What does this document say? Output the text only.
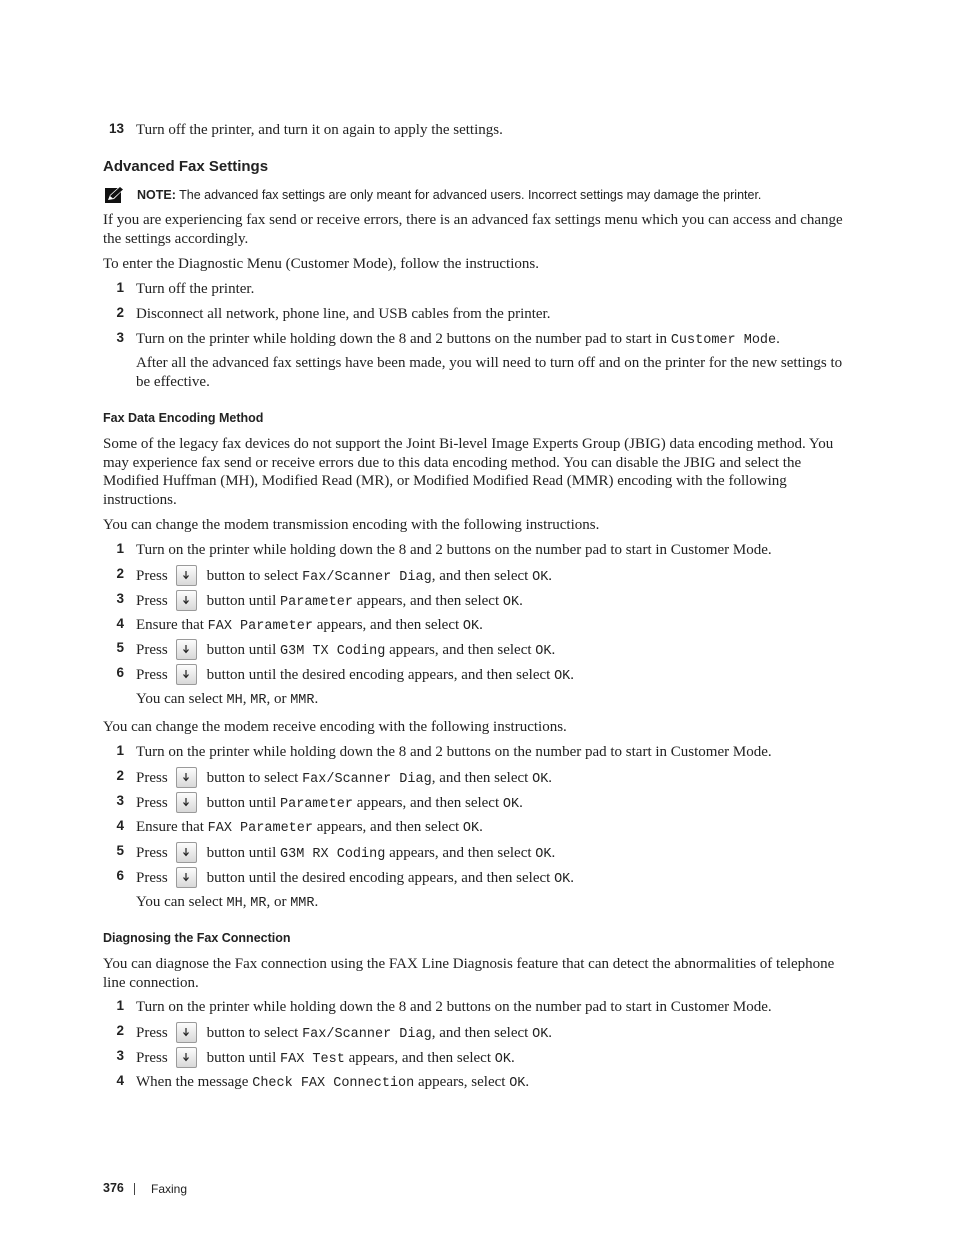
13 Turn off the printer, and turn it on again to apply the settings.
Advanced Fax Settings
NOTE: The advanced fax settings are only meant for advanced users. Incorrect settings may damage the printer.
If you are experiencing fax send or receive errors, there is an advanced fax settings menu which you can access and change the settings accordingly.
To enter the Diagnostic Menu (Customer Mode), follow the instructions.
1 Turn off the printer.
2 Disconnect all network, phone line, and USB cables from the printer.
3 Turn on the printer while holding down the 8 and 2 buttons on the number pad to start in Customer Mode.
After all the advanced fax settings have been made, you will need to turn off and on the printer for the new settings to be effective.
Fax Data Encoding Method
Some of the legacy fax devices do not support the Joint Bi-level Image Experts Group (JBIG) data encoding method. You may experience fax send or receive errors due to this data encoding method. You can disable the JBIG and select the Modified Huffman (MH), Modified Read (MR), or Modified Modified Read (MMR) encoding with the following instructions.
You can change the modem transmission encoding with the following instructions.
1 Turn on the printer while holding down the 8 and 2 buttons on the number pad to start in Customer Mode.
2 Press	button to select Fax/Scanner Diag, and then select OK.
3 Press	button until Parameter appears, and then select OK.
4 Ensure that FAX Parameter appears, and then select OK.
5 Press	button until G3M TX Coding appears, and then select OK.
6 Press	button until the desired encoding appears, and then select OK.
You can select MH, MR, or MMR.
You can change the modem receive encoding with the following instructions.
1 Turn on the printer while holding down the 8 and 2 buttons on the number pad to start in Customer Mode.
2 Press	button to select Fax/Scanner Diag, and then select OK.
3 Press	button until Parameter appears, and then select OK.
4 Ensure that FAX Parameter appears, and then select OK.
5 Press	button until G3M RX Coding appears, and then select OK.
6 Press	button until the desired encoding appears, and then select OK.
You can select MH, MR, or MMR.
Diagnosing the Fax Connection
You can diagnose the Fax connection using the FAX Line Diagnosis feature that can detect the abnormalities of telephone line connection.
1 Turn on the printer while holding down the 8 and 2 buttons on the number pad to start in Customer Mode.
2 Press	button to select Fax/Scanner Diag, and then select OK.
3 Press	button until FAX Test appears, and then select OK.
4 When the message Check FAX Connection appears, select OK.
376 Faxing
